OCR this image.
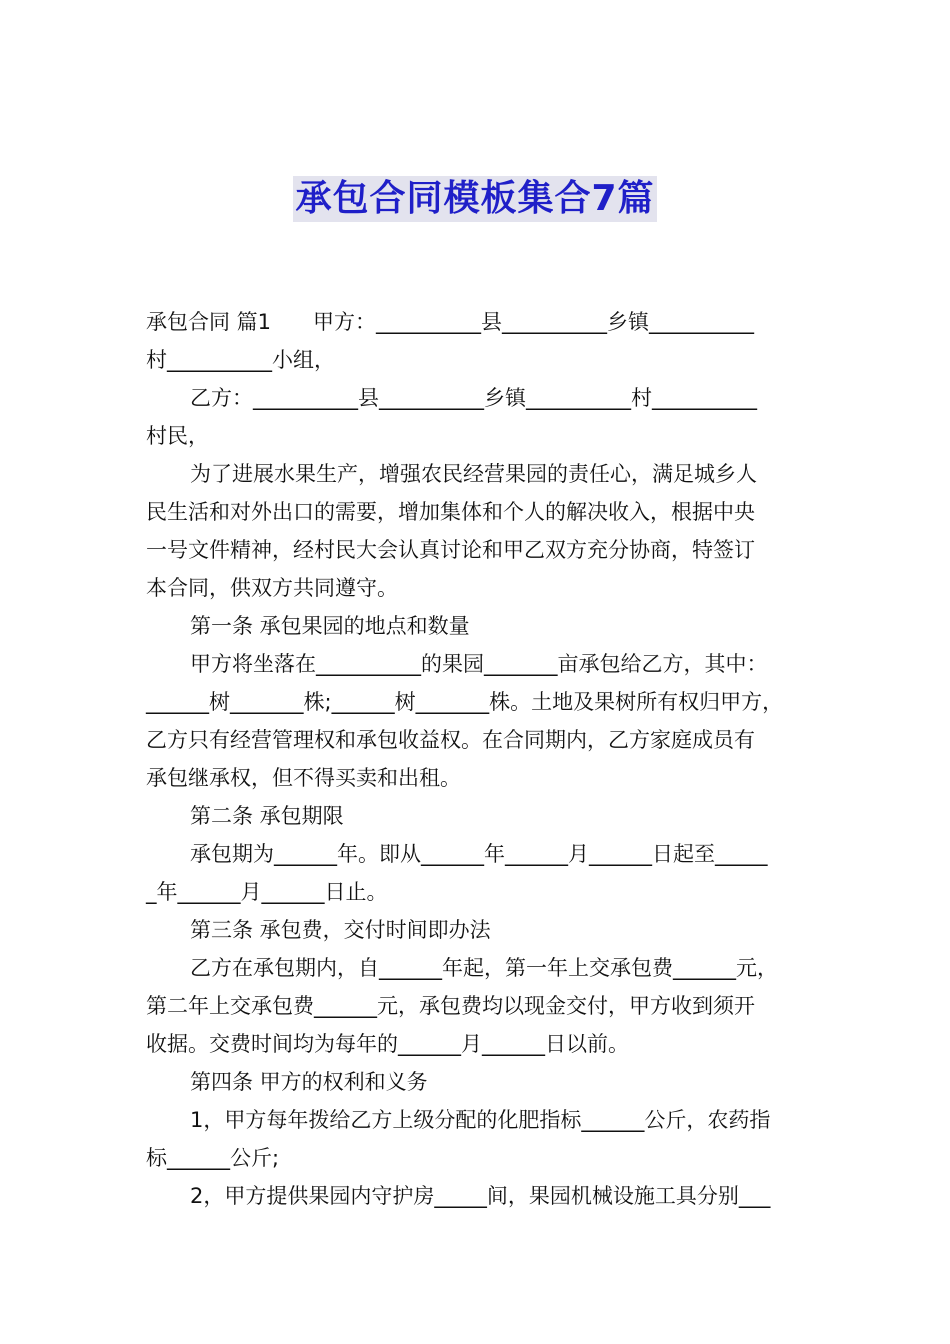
承包合同模板集合7篇

承包合同 篇1　　甲方：__________县__________乡镇__________

村__________小组，

乙方：__________县__________乡镇__________村__________

村民，

为了进展水果生产，增强农民经营果园的责任心，满足城乡人

民生活和对外出口的需要，增加集体和个人的解决收入，根据中央

一号文件精神，经村民大会认真讨论和甲乙双方充分协商，特签订

本合同，供双方共同遵守。

第一条 承包果园的地点和数量

甲方将坐落在__________的果园_______亩承包给乙方，其中：

______树_______株;______树_______株。土地及果树所有权归甲方，

乙方只有经营管理权和承包收益权。在合同期内，乙方家庭成员有

承包继承权，但不得买卖和出租。

第二条 承包期限

承包期为______年。即从______年______月______日起至_____

_年______月______日止。

第三条 承包费，交付时间即办法

乙方在承包期内，自______年起，第一年上交承包费______元，

第二年上交承包费______元，承包费均以现金交付，甲方收到须开

收据。交费时间均为每年的______月______日以前。

第四条 甲方的权利和义务

1，甲方每年拨给乙方上级分配的化肥指标______公斤，农药指

标______公斤;

2，甲方提供果园内守护房_____间，果园机械设施工具分别___
